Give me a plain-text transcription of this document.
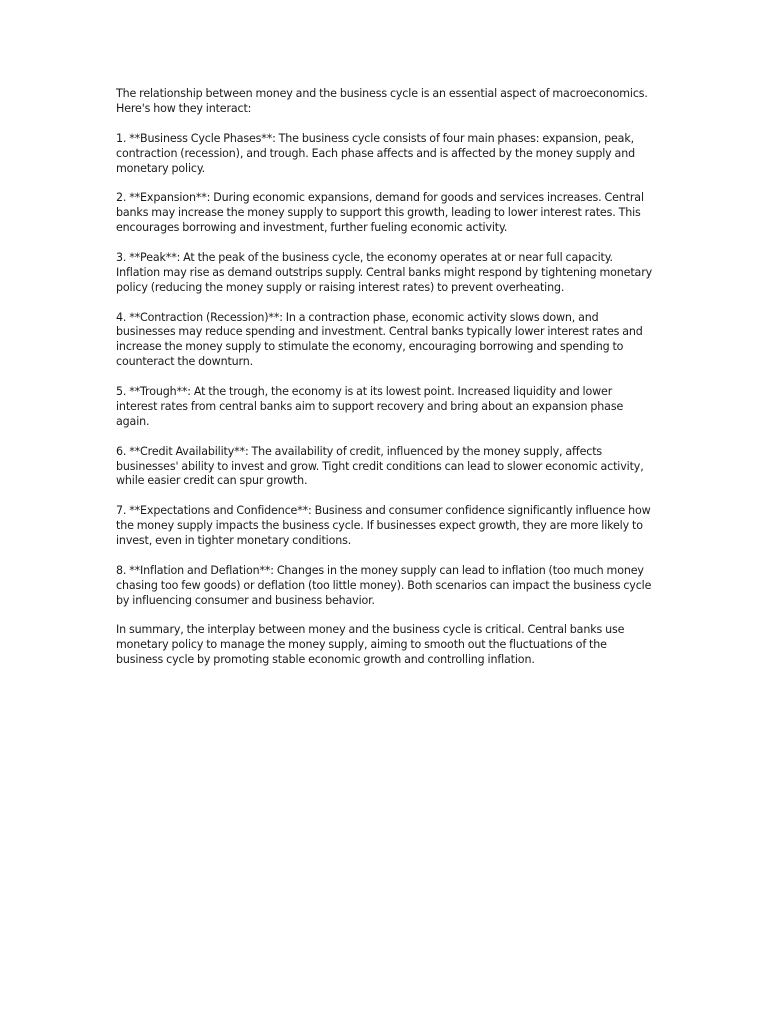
The relationship between money and the business cycle is an essential aspect of macroeconomics. Here's how they interact:

1. **Business Cycle Phases**: The business cycle consists of four main phases: expansion, peak, contraction (recession), and trough. Each phase affects and is affected by the money supply and monetary policy.

2. **Expansion**: During economic expansions, demand for goods and services increases. Central banks may increase the money supply to support this growth, leading to lower interest rates. This encourages borrowing and investment, further fueling economic activity.

3. **Peak**: At the peak of the business cycle, the economy operates at or near full capacity. Inflation may rise as demand outstrips supply. Central banks might respond by tightening monetary policy (reducing the money supply or raising interest rates) to prevent overheating.

4. **Contraction (Recession)**: In a contraction phase, economic activity slows down, and businesses may reduce spending and investment. Central banks typically lower interest rates and increase the money supply to stimulate the economy, encouraging borrowing and spending to counteract the downturn.

5. **Trough**: At the trough, the economy is at its lowest point. Increased liquidity and lower interest rates from central banks aim to support recovery and bring about an expansion phase again.

6. **Credit Availability**: The availability of credit, influenced by the money supply, affects businesses' ability to invest and grow. Tight credit conditions can lead to slower economic activity, while easier credit can spur growth.

7. **Expectations and Confidence**: Business and consumer confidence significantly influence how the money supply impacts the business cycle. If businesses expect growth, they are more likely to invest, even in tighter monetary conditions.

8. **Inflation and Deflation**: Changes in the money supply can lead to inflation (too much money chasing too few goods) or deflation (too little money). Both scenarios can impact the business cycle by influencing consumer and business behavior.

In summary, the interplay between money and the business cycle is critical. Central banks use monetary policy to manage the money supply, aiming to smooth out the fluctuations of the business cycle by promoting stable economic growth and controlling inflation.
